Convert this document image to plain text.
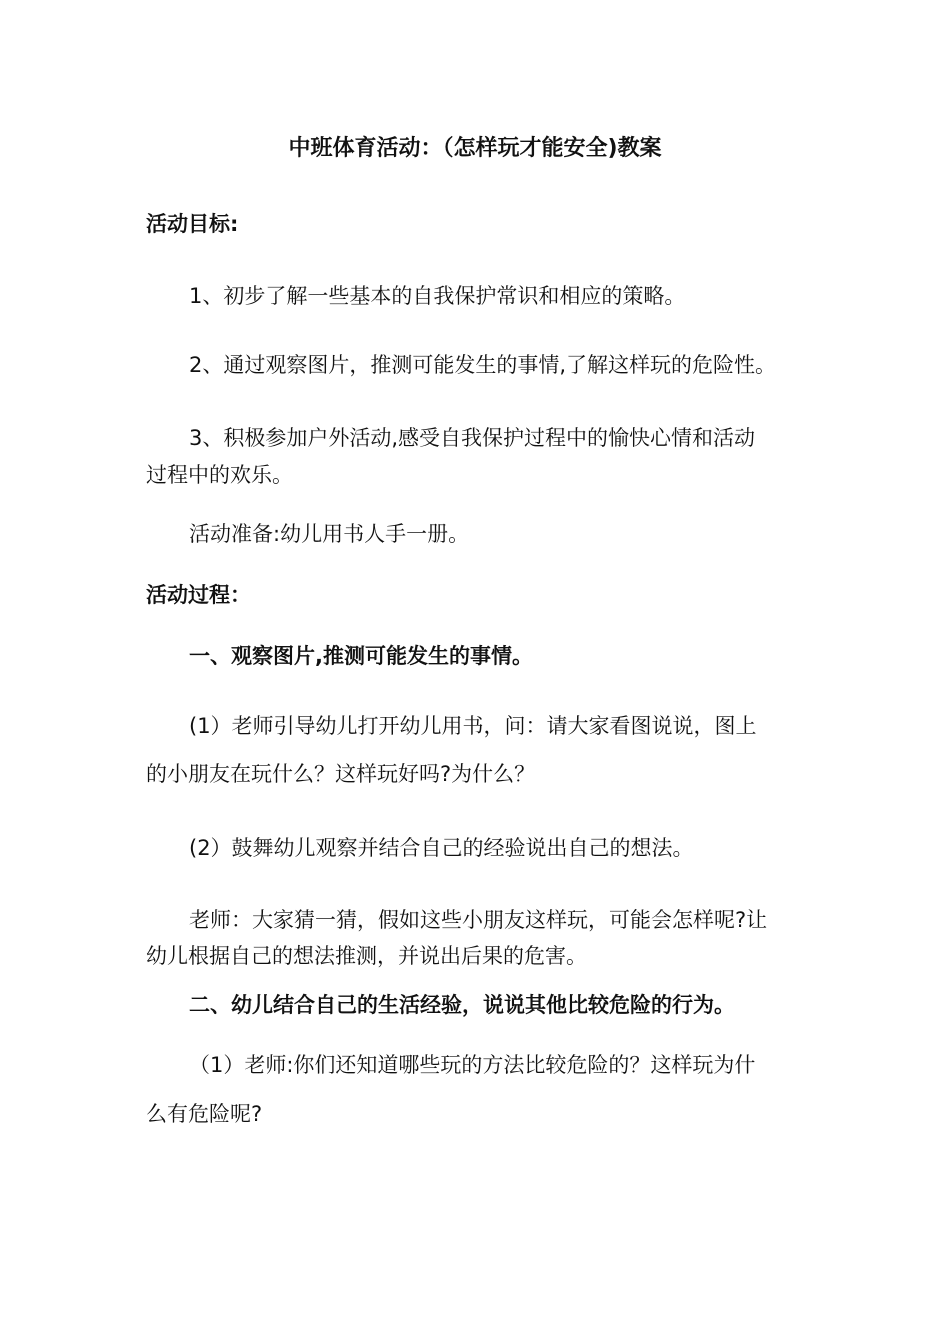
中班体育活动：（怎样玩才能安全)教案
活动目标:
1、初步了解一些基本的自我保护常识和相应的策略。
2、通过观察图片，推测可能发生的事情,了解这样玩的危险性。
3、积极参加户外活动,感受自我保护过程中的愉快心情和活动
过程中的欢乐。
活动准备:幼儿用书人手一册。
活动过程：
一、观察图片,推测可能发生的事情。
(1）老师引导幼儿打开幼儿用书，问：请大家看图说说，图上
的小朋友在玩什么？这样玩好吗?为什么？
(2）鼓舞幼儿观察并结合自己的经验说出自己的想法。
老师：大家猜一猜，假如这些小朋友这样玩，可能会怎样呢?让
幼儿根据自己的想法推测，并说出后果的危害。
二、幼儿结合自己的生活经验，说说其他比较危险的行为。
（1）老师:你们还知道哪些玩的方法比较危险的？这样玩为什
么有危险呢?
